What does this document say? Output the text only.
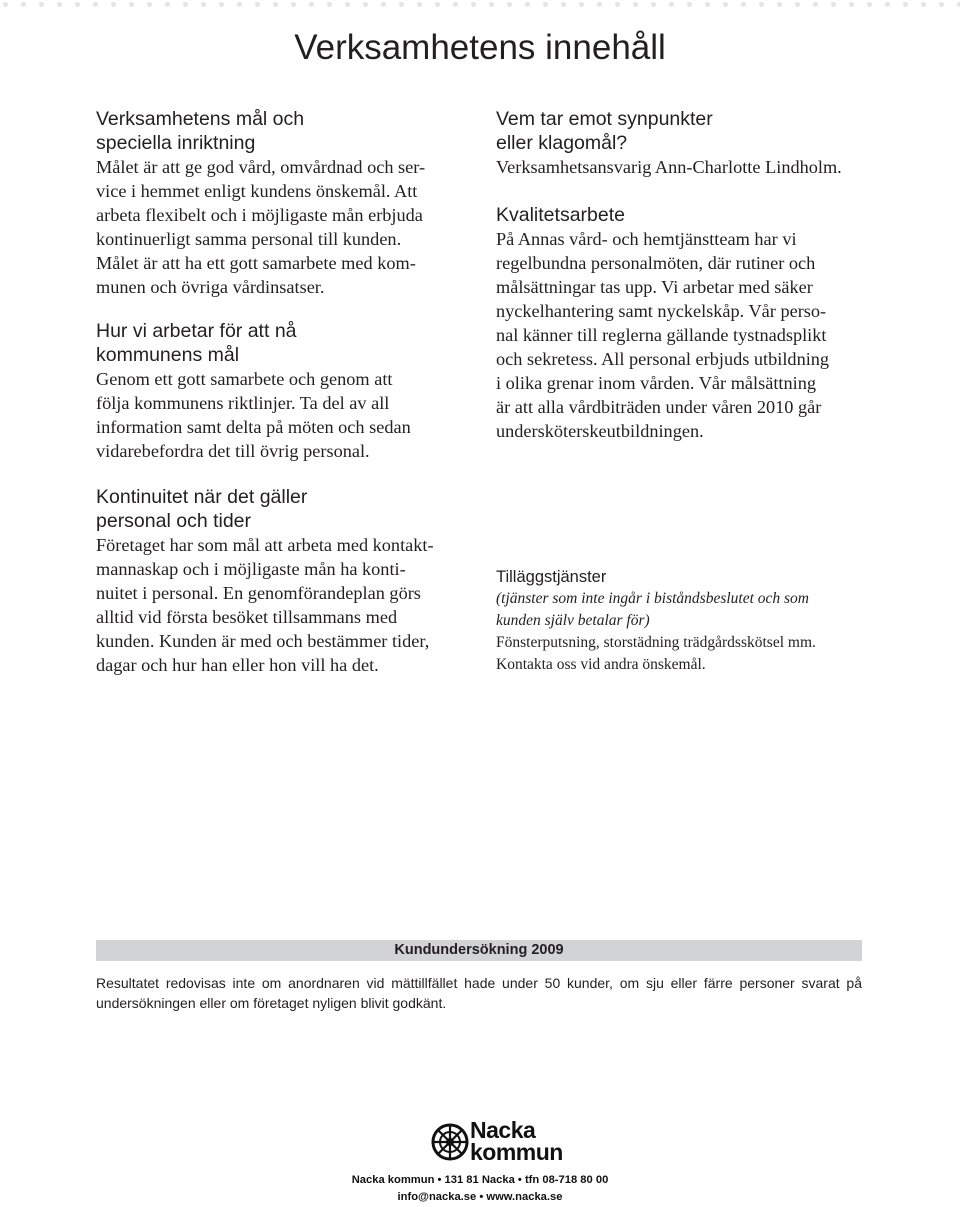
Verksamhetens innehåll
Verksamhetens mål och
speciella inriktning
Målet är att ge god vård, omvårdnad och ser-
vice i hemmet enligt kundens önskemål. Att
arbeta flexibelt och i möjligaste mån erbjuda
kontinuerligt samma personal till kunden.
Målet är att ha ett gott samarbete med kom-
munen och övriga vårdinsatser.
Hur vi arbetar för att nå
kommunens mål
Genom ett gott samarbete och genom att
följa kommunens riktlinjer. Ta del av all
information samt delta på möten och sedan
vidarebefordra det till övrig personal.
Kontinuitet när det gäller
personal och tider
Företaget har som mål att arbeta med kontakt-
mannaskap och i möjligaste mån ha konti-
nuitet i personal. En genomförandeplan görs
alltid vid första besöket tillsammans med
kunden. Kunden är med och bestämmer tider,
dagar och hur han eller hon vill ha det.
Vem tar emot synpunkter
eller klagomål?
Verksamhetsansvarig Ann-Charlotte Lindholm.
Kvalitetsarbete
På Annas vård- och hemtjänstteam har vi
regelbundna personalmöten, där rutiner och
målsättningar tas upp. Vi arbetar med säker
nyckelhantering samt nyckelskåp. Vår perso-
nal känner till reglerna gällande tystnadsplikt
och sekretess. All personal erbjuds utbildning
i olika grenar inom vården. Vår målsättning
är att alla vårdbiträden under våren 2010 går
undersköterskeutbildningen.
Tilläggstjänster
(tjänster som inte ingår i biståndsbeslutet och som
kunden själv betalar för)
Fönsterputsning, storstädning trädgårdsskötsel mm.
Kontakta oss vid andra önskemål.
Kundundersökning 2009
Resultatet redovisas inte om anordnaren vid mättillfället hade under 50 kunder, om sju eller färre personer svarat på undersökningen eller om företaget nyligen blivit godkänt.
Nacka
kommun
Nacka kommun • 131 81 Nacka • tfn 08-718 80 00
info@nacka.se • www.nacka.se
